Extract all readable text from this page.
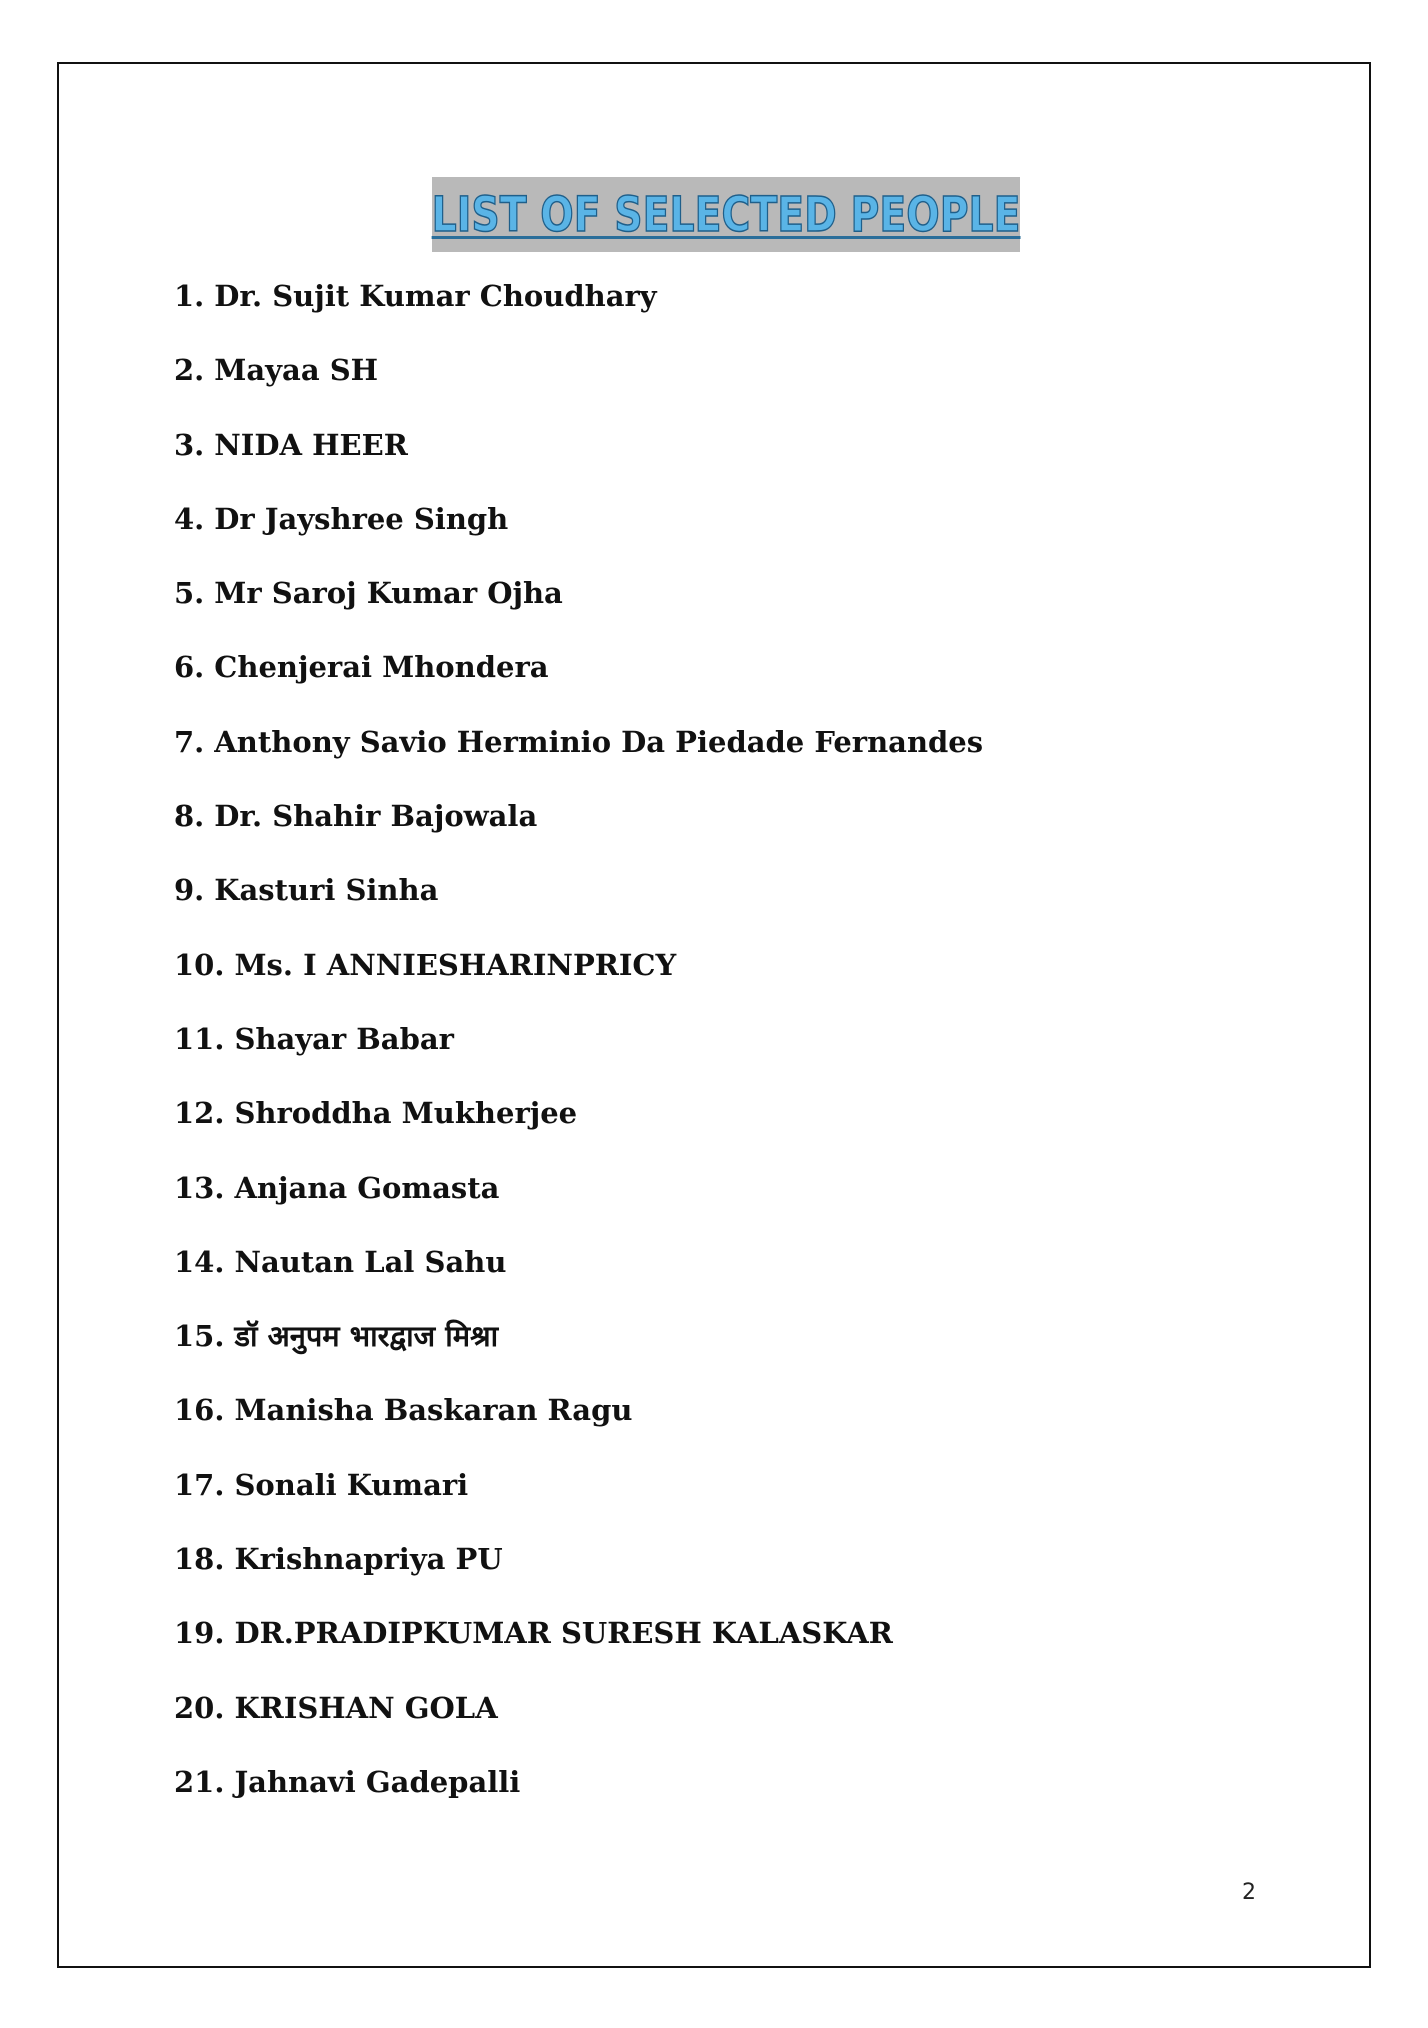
LIST OF SELECTED PEOPLE
1. Dr. Sujit Kumar Choudhary
2. Mayaa SH
3. NIDA HEER
4. Dr Jayshree Singh
5. Mr Saroj Kumar Ojha
6. Chenjerai Mhondera
7. Anthony Savio Herminio Da Piedade Fernandes
8. Dr. Shahir Bajowala
9. Kasturi Sinha
10. Ms. I ANNIESHARINPRICY
11. Shayar Babar
12. Shroddha Mukherjee
13. Anjana Gomasta
14. Nautan Lal Sahu
15. डॉ अनुपम भारद्वाज मिश्रा
16. Manisha Baskaran Ragu
17. Sonali Kumari
18. Krishnapriya PU
19. DR.PRADIPKUMAR SURESH KALASKAR
20. KRISHAN GOLA
21. Jahnavi Gadepalli
2
